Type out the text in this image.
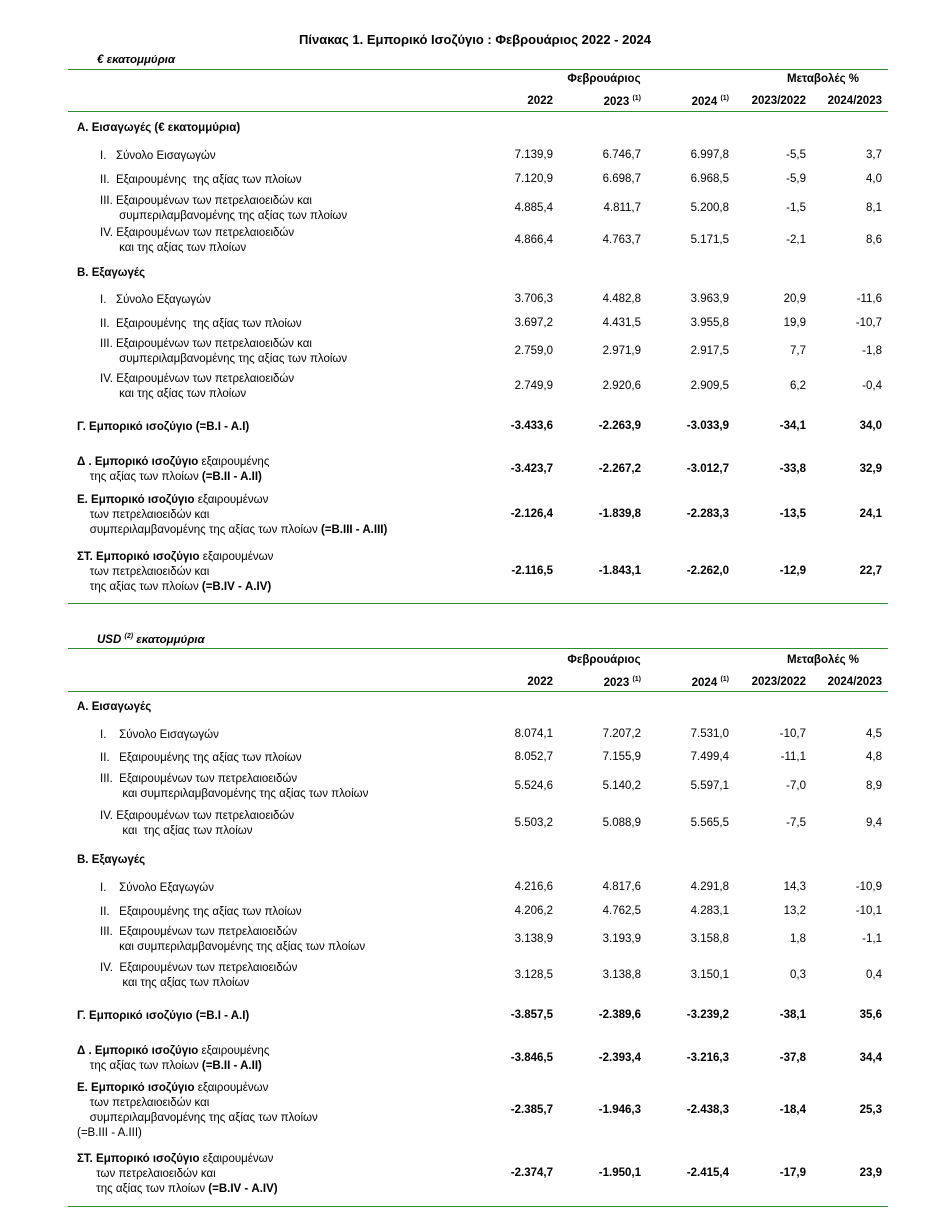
Πίνακας 1. Εμπορικό Ισοζύγιο : Φεβρουάριος 2022 - 2024
€ εκατομμύρια
Φεβρουάριος	Μεταβολές %
2022	2023 $^{(1)}$	2024 $^{(1)}$	2023/2022	2024/2023
Α. Εισαγωγές (€ εκατομμύρια)
I.   Σύνολο Εισαγωγών	7.139,9	6.746,7	6.997,8	-5,5	3,7
II.  Εξαιρουμένης  της αξίας των πλοίων	7.120,9	6.698,7	6.968,5	-5,9	4,0
III. Εξαιρουμένων των πετρελαιοειδών και
συμπεριλαμβανομένης της αξίας των πλοίων
4.885,4	4.811,7	5.200,8	-1,5	8,1
IV. Εξαιρουμένων των πετρελαιοειδών
και της αξίας των πλοίων
4.866,4	4.763,7	5.171,5	-2,1	8,6
Β. Εξαγωγές
I.   Σύνολο Εξαγωγών	3.706,3	4.482,8	3.963,9	20,9	-11,6
II.  Εξαιρουμένης  της αξίας των πλοίων	3.697,2	4.431,5	3.955,8	19,9	-10,7
III. Εξαιρουμένων των πετρελαιοειδών και
συμπεριλαμβανομένης της αξίας των πλοίων
2.759,0	2.971,9	2.917,5	7,7	-1,8
IV. Εξαιρουμένων των πετρελαιοειδών
και της αξίας των πλοίων
2.749,9	2.920,6	2.909,5	6,2	-0,4
Γ. Εμπορικό ισοζύγιο (=Β.Ι - Α.Ι)	-3.433,6	-2.263,9	-3.033,9	-34,1	34,0
Δ . Εμπορικό ισοζύγιο εξαιρουμένης
της αξίας των πλοίων (=Β.ΙΙ - Α.ΙΙ)
-3.423,7	-2.267,2	-3.012,7	-33,8	32,9
Ε. Εμπορικό ισοζύγιο εξαιρουμένων
των πετρελαιοειδών και
συμπεριλαμβανομένης της αξίας των πλοίων (=Β.ΙΙΙ - Α.ΙΙΙ)
-2.126,4	-1.839,8	-2.283,3	-13,5	24,1
ΣΤ. Εμπορικό ισοζύγιο εξαιρουμένων
των πετρελαιοειδών και
της αξίας των πλοίων (=Β.ΙV - Α.ΙV)
-2.116,5	-1.843,1	-2.262,0	-12,9	22,7
USD $^{(2)}$ εκατομμύρια
Φεβρουάριος	Μεταβολές %
2022	2023 $^{(1)}$	2024 $^{(1)}$	2023/2022	2024/2023
Α. Εισαγωγές
I.    Σύνολο Εισαγωγών	8.074,1	7.207,2	7.531,0	-10,7	4,5
II.   Εξαιρουμένης της αξίας των πλοίων	8.052,7	7.155,9	7.499,4	-11,1	4,8
III.  Εξαιρουμένων των πετρελαιοειδών
και συμπεριλαμβανομένης της αξίας των πλοίων
5.524,6	5.140,2	5.597,1	-7,0	8,9
IV. Εξαιρουμένων των πετρελαιοειδών
και  της αξίας των πλοίων
5.503,2	5.088,9	5.565,5	-7,5	9,4
Β. Εξαγωγές
I.    Σύνολο Εξαγωγών	4.216,6	4.817,6	4.291,8	14,3	-10,9
II.   Εξαιρουμένης της αξίας των πλοίων	4.206,2	4.762,5	4.283,1	13,2	-10,1
III.  Εξαιρουμένων των πετρελαιοειδών
και συμπεριλαμβανομένης της αξίας των πλοίων
3.138,9	3.193,9	3.158,8	1,8	-1,1
IV.  Εξαιρουμένων των πετρελαιοειδών
και της αξίας των πλοίων
3.128,5	3.138,8	3.150,1	0,3	0,4
Γ. Εμπορικό ισοζύγιο (=Β.Ι - Α.Ι)	-3.857,5	-2.389,6	-3.239,2	-38,1	35,6
Δ . Εμπορικό ισοζύγιο εξαιρουμένης
της αξίας των πλοίων (=Β.ΙΙ - Α.ΙΙ)
-3.846,5	-2.393,4	-3.216,3	-37,8	34,4
Ε. Εμπορικό ισοζύγιο εξαιρουμένων
των πετρελαιοειδών και
συμπεριλαμβανομένης της αξίας των πλοίων
(=Β.ΙΙΙ - Α.ΙΙΙ)
-2.385,7	-1.946,3	-2.438,3	-18,4	25,3
ΣΤ. Εμπορικό ισοζύγιο εξαιρουμένων
των πετρελαιοειδών και
της αξίας των πλοίων (=Β.ΙV - Α.ΙV)
-2.374,7	-1.950,1	-2.415,4	-17,9	23,9
